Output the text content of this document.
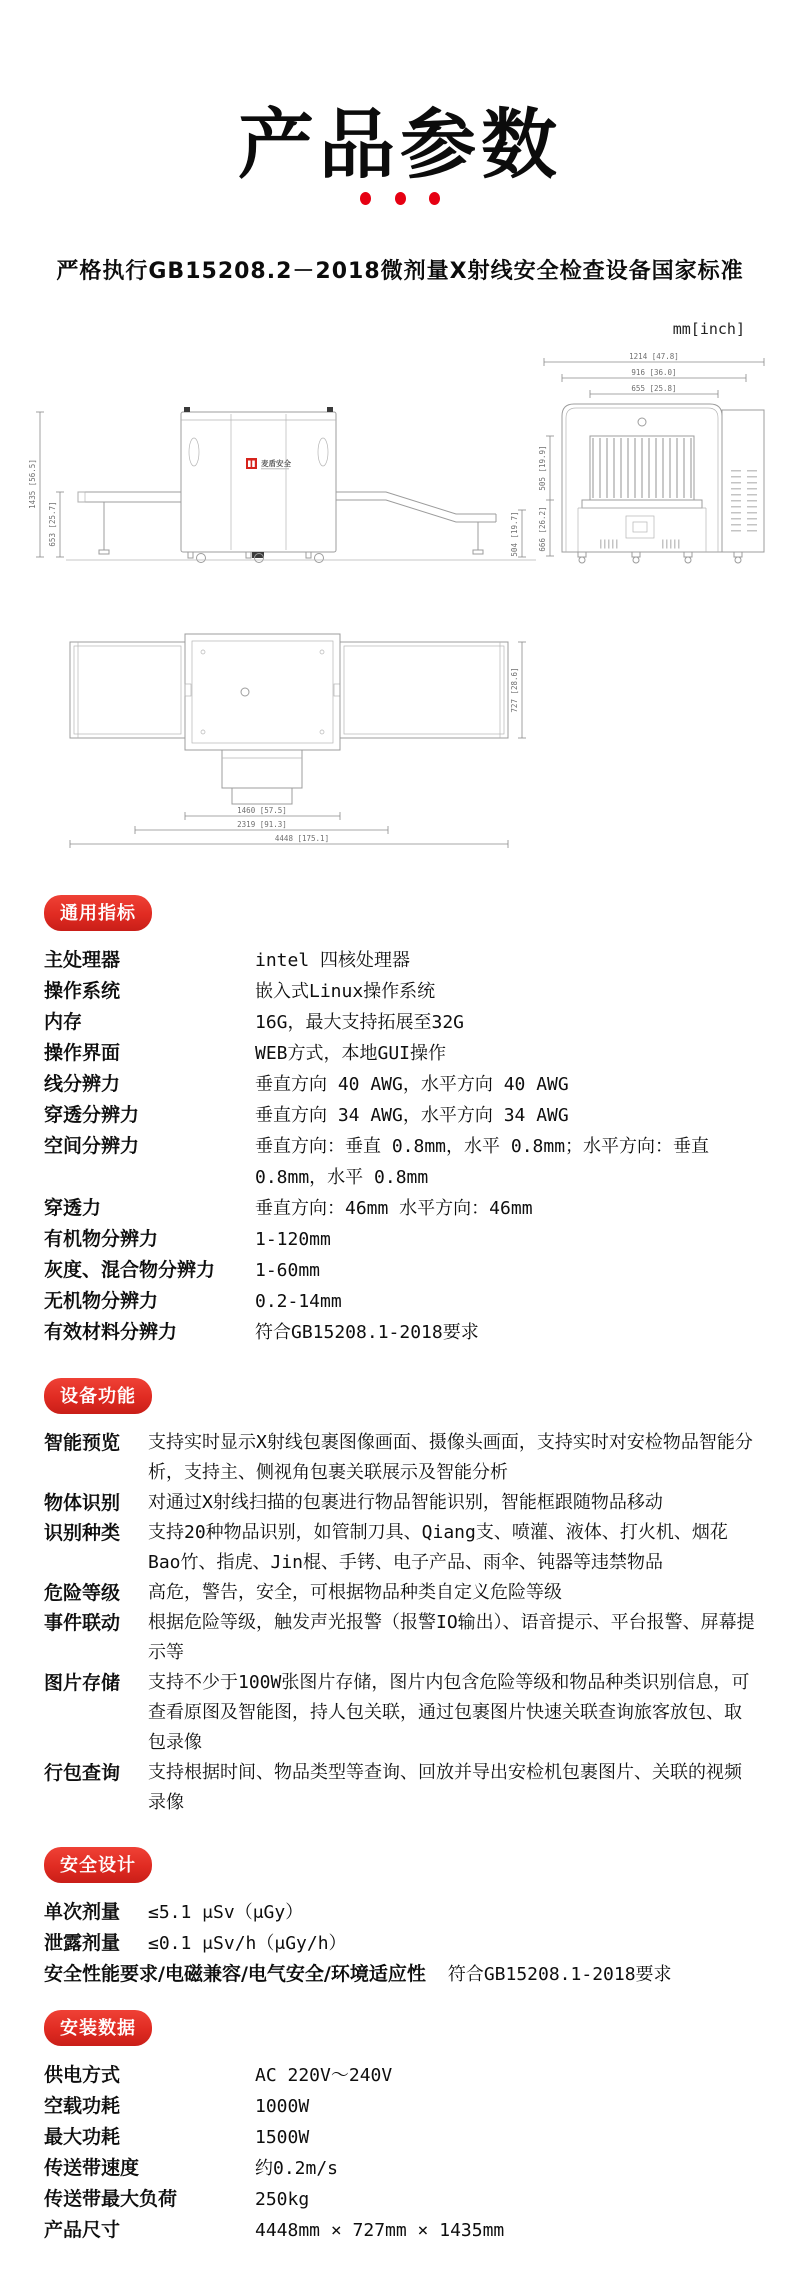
产品参数

严格执行GB15208.2－2018微剂量X射线安全检查设备国家标准
mm[inch]
1435 [56.5]
653 [25.7]
麦盾安全
504 [19.7]
1214 [47.8]
916 [36.0]
655 [25.8]
505 [19.9]
666 [26.2]
727 [28.6]
1460 [57.5]
2319 [91.3]
4448 [175.1]
通用指标
主处理器	intel 四核处理器
操作系统	嵌入式Linux操作系统
内存	16G，最大支持拓展至32G
操作界面	WEB方式，本地GUI操作
线分辨力	垂直方向 40 AWG，水平方向 40 AWG
穿透分辨力	垂直方向 34 AWG，水平方向 34 AWG
空间分辨力	垂直方向：垂直 0.8mm，水平 0.8mm；水平方向：垂直 0.8mm，水平 0.8mm
穿透力	垂直方向：46mm 水平方向：46mm
有机物分辨力	1-120mm
灰度、混合物分辨力	1-60mm
无机物分辨力	0.2-14mm
有效材料分辨力	符合GB15208.1-2018要求
设备功能
智能预览	支持实时显示X射线包裹图像画面、摄像头画面，支持实时对安检物品智能分析，支持主、侧视角包裹关联展示及智能分析
物体识别	对通过X射线扫描的包裹进行物品智能识别，智能框跟随物品移动
识别种类	支持20种物品识别，如管制刀具、Qiang支、喷灌、液体、打火机、烟花Bao竹、指虎、Jin棍、手铐、电子产品、雨伞、钝器等违禁物品
危险等级	高危，警告，安全，可根据物品种类自定义危险等级
事件联动	根据危险等级，触发声光报警（报警IO输出）、语音提示、平台报警、屏幕提示等
图片存储	支持不少于100W张图片存储，图片内包含危险等级和物品种类识别信息，可查看原图及智能图，持人包关联，通过包裹图片快速关联查询旅客放包、取包录像
行包查询	支持根据时间、物品类型等查询、回放并导出安检机包裹图片、关联的视频录像
安全设计
单次剂量	≤5.1 μSv（μGy）
泄露剂量	≤0.1 μSv/h（μGy/h）
安全性能要求/电磁兼容/电气安全/环境适应性 符合GB15208.1-2018要求
安装数据
供电方式	AC 220V～240V
空载功耗	1000W
最大功耗	1500W
传送带速度	约0.2m/s
传送带最大负荷	250kg
产品尺寸	4448mm × 727mm × 1435mm
